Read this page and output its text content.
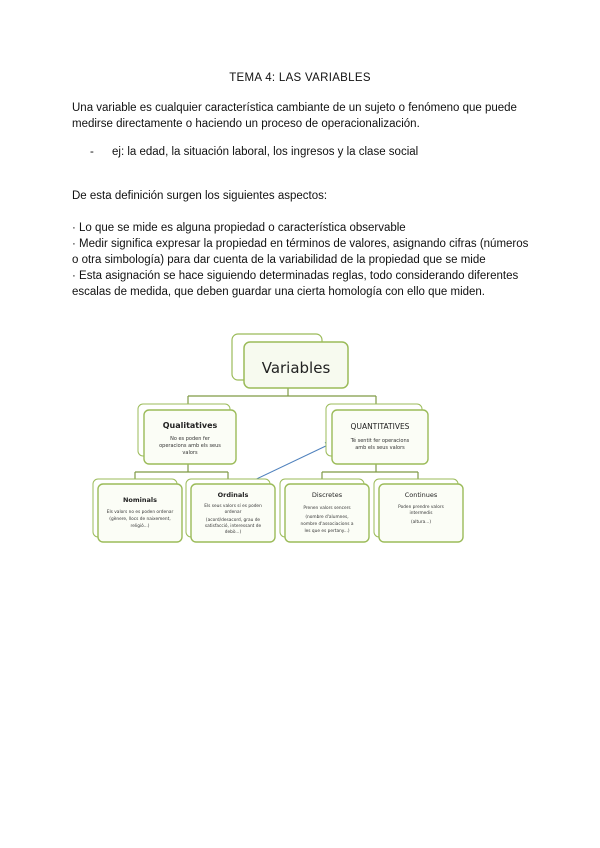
TEMA 4: LAS VARIABLES
Una variable es cualquier característica cambiante de un sujeto o fenómeno que puede medirse directamente o haciendo un proceso de operacionalización.
- ej: la edad, la situación laboral, los ingresos y la clase social
De esta definición surgen los siguientes aspectos:
· Lo que se mide es alguna propiedad o característica observable
· Medir significa expresar la propiedad en términos de valores, asignando cifras (números o otra simbología) para dar cuenta de la variabilidad de la propiedad que se mide
· Esta asignación se hace siguiendo determinadas reglas, todo considerando diferentes escalas de medida, que deben guardar una cierta homología con ello que miden.
Variables
Qualitatives
No es poden fer
operacions amb els seus
valors
QUANTITATIVES
Té sentit fer operacions
amb els seus valors
Nominals
Els valors no es poden ordenar
(gènere, llocs de naixement,
religió...)
Ordinals
Els seus valors sí es poden
ordenar
(acord/desacord, grau de
satisfacció, interessant de
debò...)
Discretes
Prenen valors sencers
(nombre d'alumnes,
nombre d'associacions a
les que es pertany...)
Continues
Poden prendre valors
intermedis
(altura...)
